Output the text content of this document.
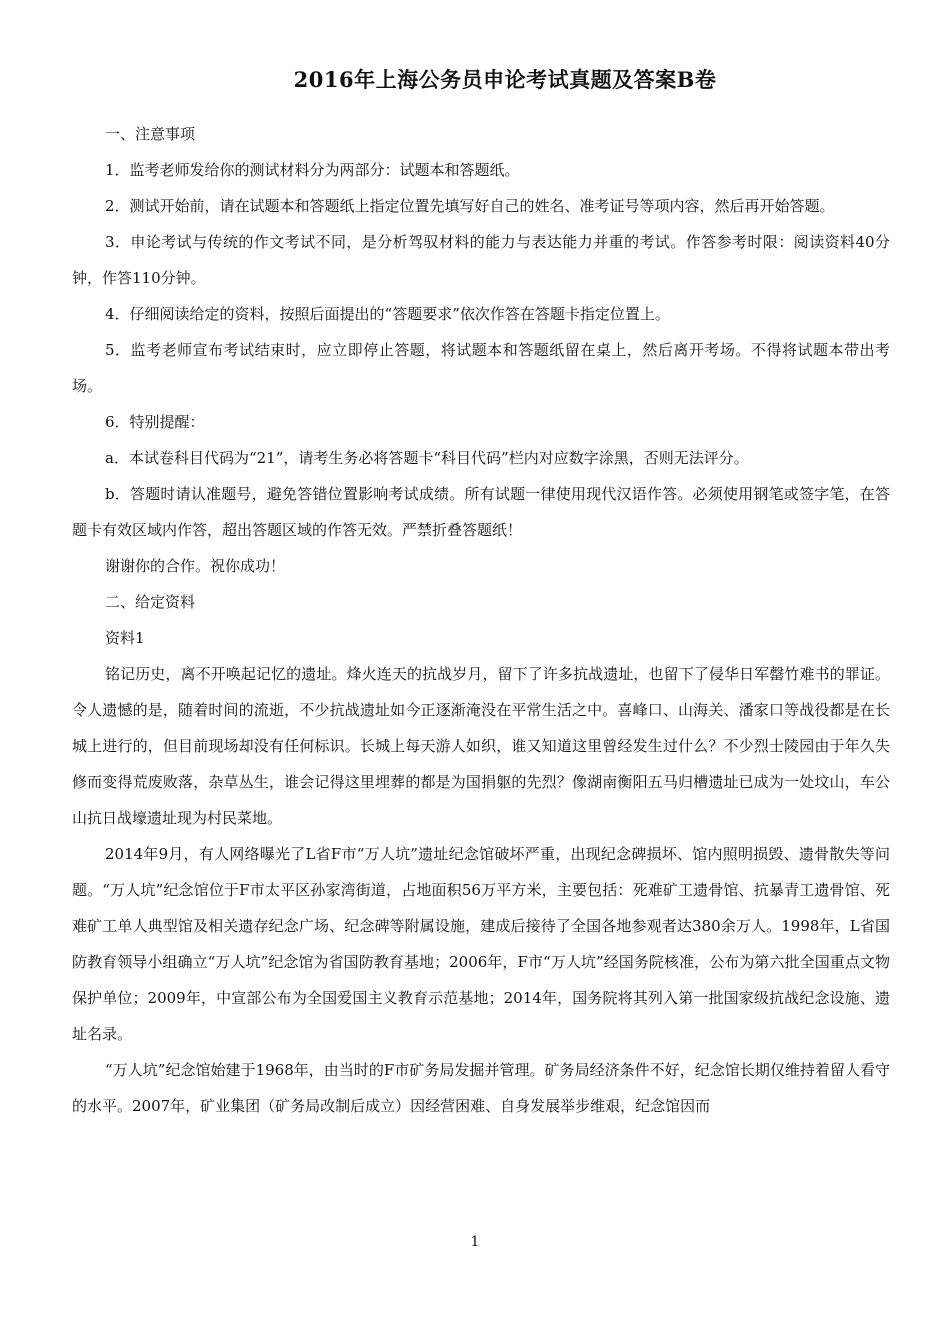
2016年上海公务员申论考试真题及答案B卷

一、注意事项

1．监考老师发给你的测试材料分为两部分：试题本和答题纸。

2．测试开始前，请在试题本和答题纸上指定位置先填写好自己的姓名、准考证号等项内容，然后再开始答题。

3．申论考试与传统的作文考试不同，是分析驾驭材料的能力与表达能力并重的考试。作答参考时限：阅读资料40分钟，作答110分钟。

4．仔细阅读给定的资料，按照后面提出的“答题要求”依次作答在答题卡指定位置上。

5．监考老师宣布考试结束时，应立即停止答题，将试题本和答题纸留在桌上，然后离开考场。不得将试题本带出考场。

6．特别提醒：

a．本试卷科目代码为“21”，请考生务必将答题卡“科目代码”栏内对应数字涂黑，否则无法评分。

b．答题时请认准题号，避免答错位置影响考试成绩。所有试题一律使用现代汉语作答。必须使用钢笔或签字笔，在答题卡有效区域内作答，超出答题区域的作答无效。严禁折叠答题纸！

谢谢你的合作。祝你成功！

二、给定资料

资料1

铭记历史，离不开唤起记忆的遗址。烽火连天的抗战岁月，留下了许多抗战遗址，也留下了侵华日军罄竹难书的罪证。令人遗憾的是，随着时间的流逝，不少抗战遗址如今正逐渐淹没在平常生活之中。喜峰口、山海关、潘家口等战役都是在长城上进行的，但目前现场却没有任何标识。长城上每天游人如织，谁又知道这里曾经发生过什么？不少烈士陵园由于年久失修而变得荒废败落，杂草丛生，谁会记得这里埋葬的都是为国捐躯的先烈？像湖南衡阳五马归槽遗址已成为一处坟山，车公山抗日战壕遗址现为村民菜地。

2014年9月，有人网络曝光了L省F市“万人坑”遗址纪念馆破坏严重，出现纪念碑损坏、馆内照明损毁、遗骨散失等问题。“万人坑”纪念馆位于F市太平区孙家湾街道，占地面积56万平方米，主要包括：死难矿工遗骨馆、抗暴青工遗骨馆、死难矿工单人典型馆及相关遗存纪念广场、纪念碑等附属设施，建成后接待了全国各地参观者达380余万人。1998年，L省国防教育领导小组确立“万人坑”纪念馆为省国防教育基地；2006年，F市“万人坑”经国务院核准，公布为第六批全国重点文物保护单位；2009年，中宣部公布为全国爱国主义教育示范基地；2014年，国务院将其列入第一批国家级抗战纪念设施、遗址名录。

“万人坑”纪念馆始建于1968年，由当时的F市矿务局发掘并管理。矿务局经济条件不好，纪念馆长期仅维持着留人看守的水平。2007年，矿业集团（矿务局改制后成立）因经营困难、自身发展举步维艰，纪念馆因而

1
